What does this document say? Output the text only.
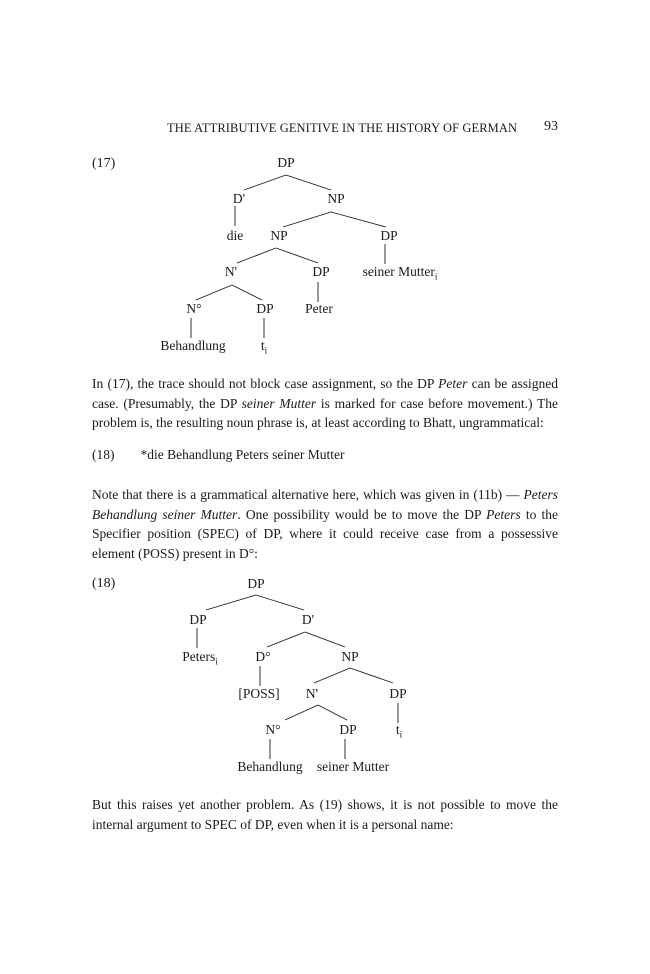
THE ATTRIBUTIVE GENITIVE IN THE HISTORY OF GERMAN 93
(17)	DP
D'	NP
die NP	DP
N'	DP seiner Mutter$_i$
N°	DP Peter
Behandlung	$t_i$

In (17), the trace should not block case assignment, so the DP Peter can be assigned case. (Presumably, the DP seiner Mutter is marked for case before movement.) The problem is, the resulting noun phrase is, at least according to Bhatt, ungrammatical:

(18) *die Behandlung Peters seiner Mutter

Note that there is a grammatical alternative here, which was given in (11b) — Peters Behandlung seiner Mutter. One possibility would be to move the DP Peters to the Specifier position (SPEC) of DP, where it could receive case from a possessive element (POSS) present in D°:

(18)	DP
DP	D'
Peters$_i$	D°	NP
[POSS] N'	DP
N°	DP	$t_i$
Behandlung seiner Mutter

But this raises yet another problem. As (19) shows, it is not possible to move the internal argument to SPEC of DP, even when it is a personal name:
